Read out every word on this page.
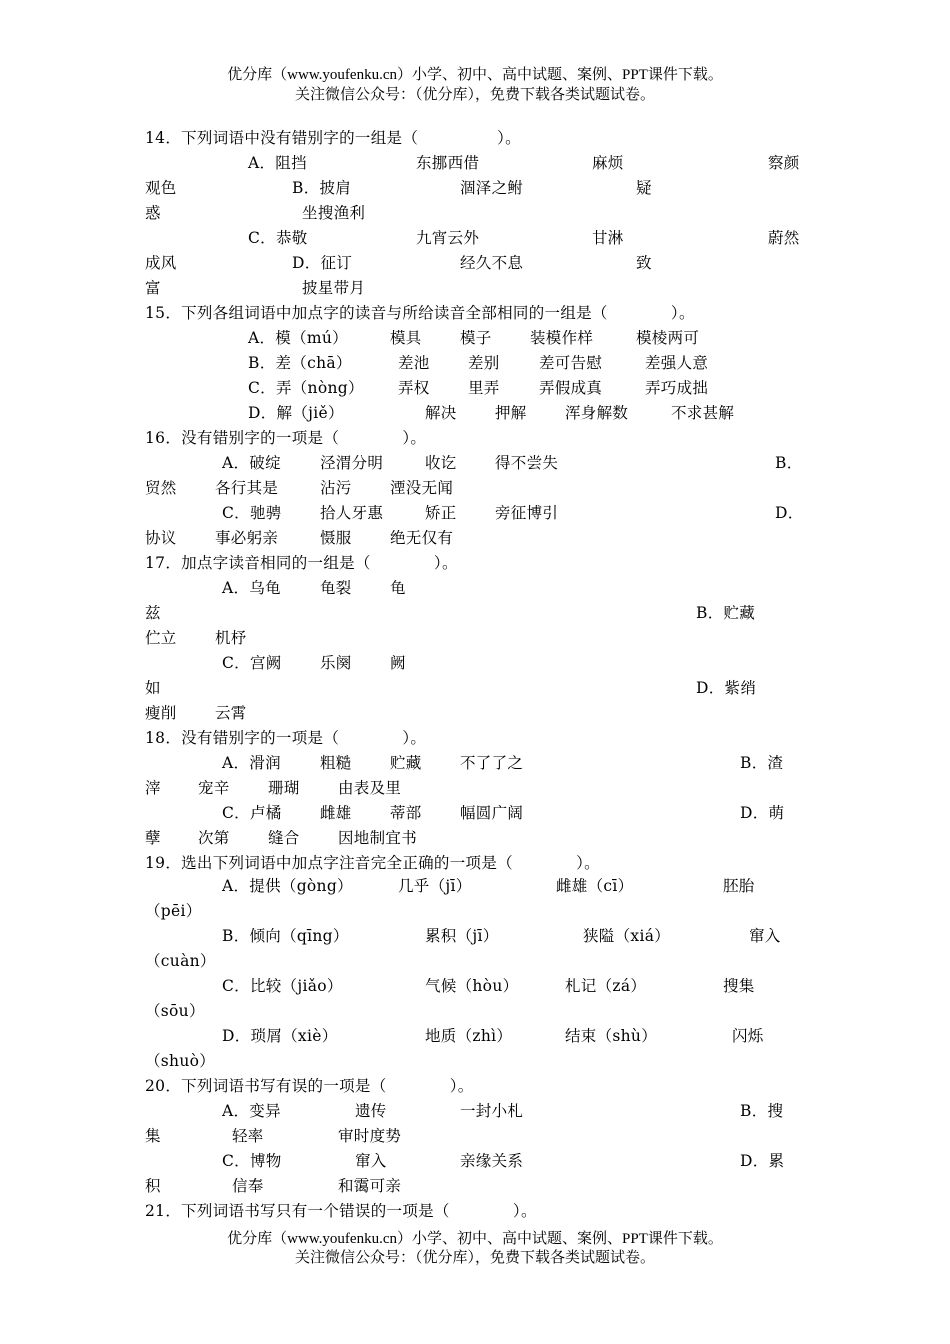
优分库（www.youfenku.cn）小学、初中、高中试题、案例、PPT课件下载。
关注微信公众号：（优分库），免费下载各类试题试卷。
14．下列词语中没有错别字的一组是（　　　　　）。
A．阻挡	东挪西借	麻烦	察颜
观色	B．披肩	涸泽之鲋	疑
惑	坐搜渔利
C．恭敬	九宵云外	甘淋	蔚然
成风	D．征订	经久不息	致
富	披星带月
15．下列各组词语中加点字的读音与所给读音全部相同的一组是（　　　　）。
A．模（mú）	模具 模子 装模作样	模棱两可
B．差（chā）	差池 差别	差可告慰	差强人意
C．弄（nòng） 弄权 里弄	弄假成真	弄巧成拙
D．解（jiě）	解决 押解 浑身解数	不求甚解
16．没有错别字的一项是（　　　　）。
A．破绽	泾渭分明	收讫 得不尝失	B．
贸然 各行其是	沾污 湮没无闻
C．驰骋 拾人牙惠	矫正 旁征博引	D．
协议 事必躬亲	慑服 绝无仅有
17．加点字读音相同的一组是（　　　　）。
A．乌龟	龟裂 龟
兹	B．贮藏
伫立 机杼
C．宫阙 乐阕 阙
如	D．紫绡
瘦削 云霄
18．没有错别字的一项是（　　　　）。
A．滑润	粗糙 贮藏 不了了之	B．渣
滓 宠辛 珊瑚 由表及里
C．卢橘 雌雄 蒂部 幅圆广阔	D．萌
孽 次第 缝合 因地制宜书
19．选出下列词语中加点字注音完全正确的一项是（　　　　）。
A．提供（gòng）	几乎（jī）	雌雄（cī）	胚胎
（pēi）
B．倾向（qīng）	累积（jī）	狭隘（xiá）	窜入
（cuàn）
C．比较（jiǎo）	气候（hòu）	札记（zá）	搜集
（sōu）
D．琐屑（xiè）	地质（zhì）	结束（shù）	闪烁
（shuò）
20．下列词语书写有误的一项是（　　　　）。
A．变异	遗传	一封小札	B．搜
集	轻率	审时度势
C．博物	窜入	亲缘关系	D．累
积	信奉	和霭可亲
21．下列词语书写只有一个错误的一项是（　　　　）。
优分库（www.youfenku.cn）小学、初中、高中试题、案例、PPT课件下载。
关注微信公众号：（优分库），免费下载各类试题试卷。
